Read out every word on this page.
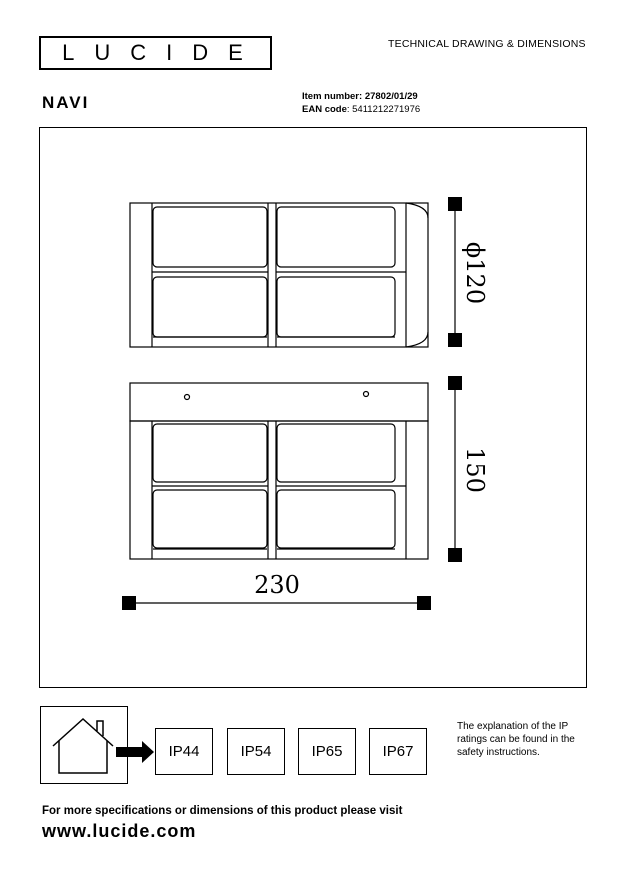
LUCIDE	TECHNICAL DRAWING & DIMENSIONS
NAVI	Item number: 27802/01/29
EAN code: 5411212271976
ϕ120
150
230
IP44	IP54	IP65	IP67
The explanation of the IP ratings can be found in the safety instructions.
For more specifications or dimensions of this product please visit
www.lucide.com
